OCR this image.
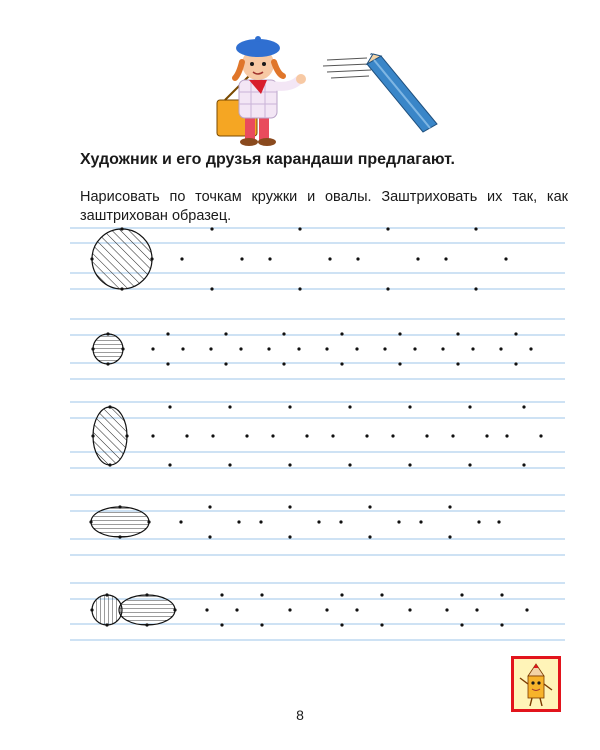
Художник и его друзья карандаши предлагают.

Нарисовать по точкам кружки и овалы. Заштриховать их так, как заштрихован образец.

8
